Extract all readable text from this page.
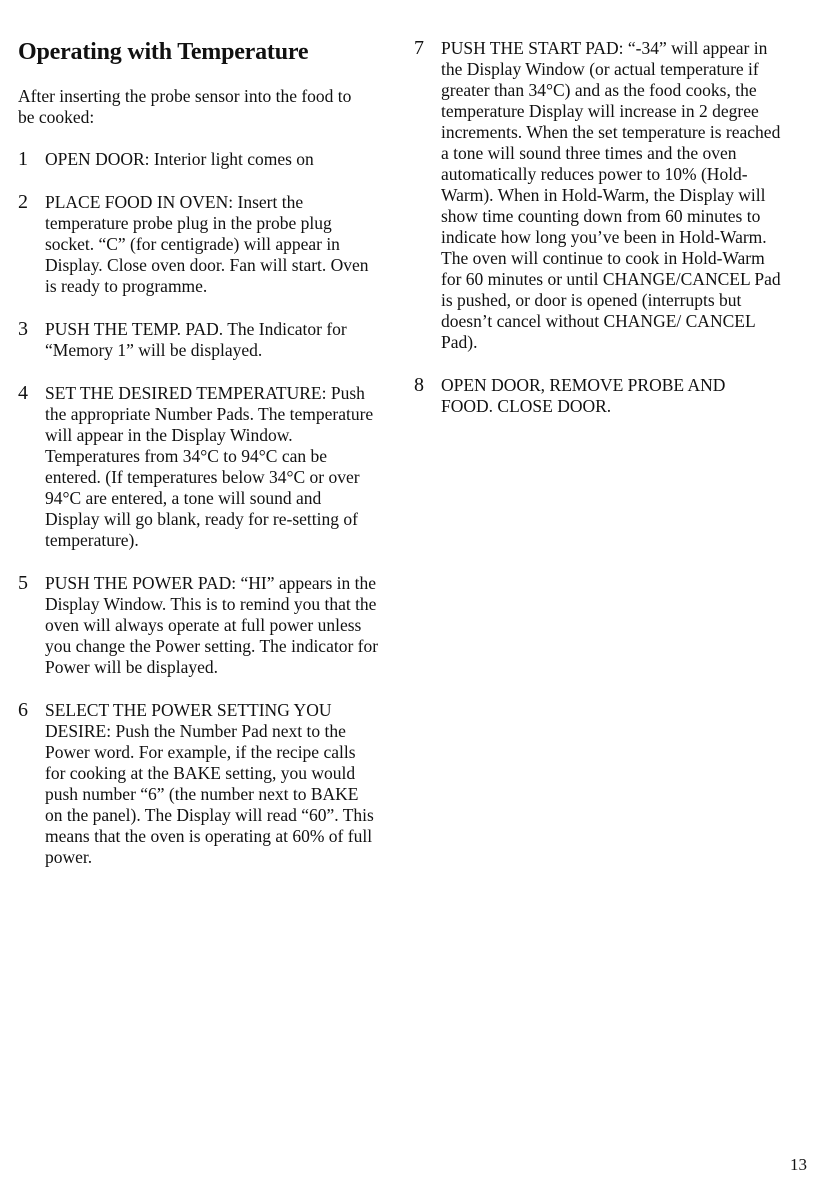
Operating with Temperature

After inserting the probe sensor into the food to be cooked:

1 OPEN DOOR: Interior light comes on
2 PLACE FOOD IN OVEN: Insert the temperature probe plug in the probe plug socket. “C” (for centigrade) will appear in Display. Close oven door. Fan will start. Oven is ready to programme.
3 PUSH THE TEMP. PAD. The Indicator for “Memory 1” will be displayed.
4 SET THE DESIRED TEMPERATURE: Push the appropriate Number Pads. The temperature will appear in the Display Window. Temperatures from 34°C to 94°C can be entered. (If temperatures below 34°C or over 94°C are entered, a tone will sound and Display will go blank, ready for re-setting of temperature).
5 PUSH THE POWER PAD: “HI” appears in the Display Window. This is to remind you that the oven will always operate at full power unless you change the Power setting. The indicator for Power will be displayed.
6 SELECT THE POWER SETTING YOU DESIRE: Push the Number Pad next to the Power word. For example, if the recipe calls for cooking at the BAKE setting, you would push number “6” (the number next to BAKE on the panel). The Display will read “60”. This means that the oven is operating at 60% of full power.
7 PUSH THE START PAD: “-34” will appear in the Display Window (or actual temperature if greater than 34°C) and as the food cooks, the temperature Display will increase in 2 degree increments. When the set temperature is reached a tone will sound three times and the oven automatically reduces power to 10% (Hold-Warm). When in Hold-Warm, the Display will show time counting down from 60 minutes to indicate how long you’ve been in Hold-Warm. The oven will continue to cook in Hold-Warm for 60 minutes or until CHANGE/CANCEL Pad is pushed, or door is opened (interrupts but doesn’t cancel without CHANGE/ CANCEL Pad).
8 OPEN DOOR, REMOVE PROBE AND FOOD. CLOSE DOOR.
13
